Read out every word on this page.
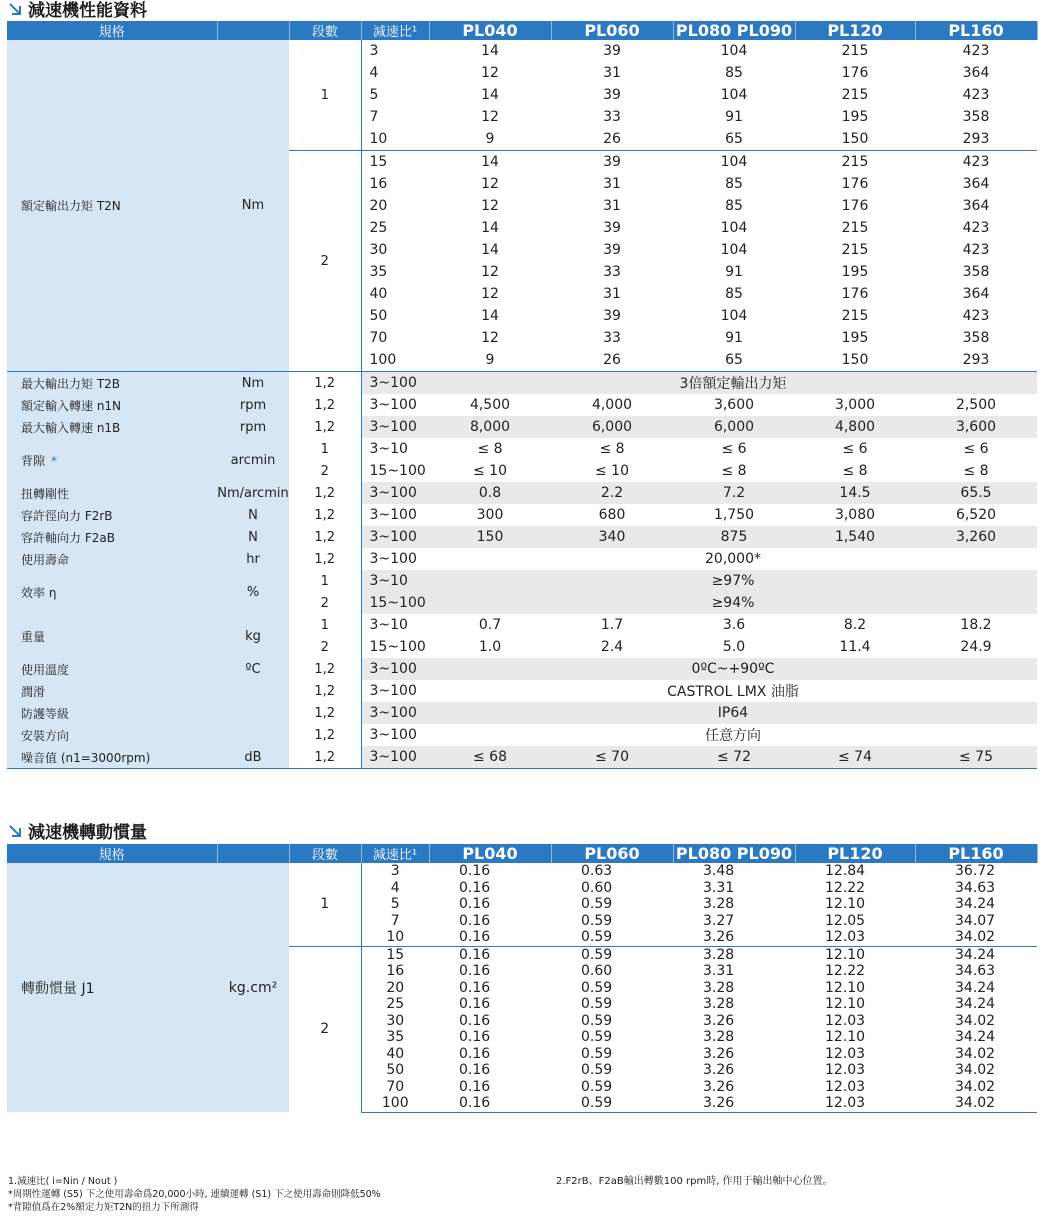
減速機性能資料
規格		段數	減速比¹	PL040	PL060	PL080 PL090	PL120	PL160
額定輸出力矩 T2N	Nm	1	3	14	39	104	215	423
			4	12	31	85	176	364
			5	14	39	104	215	423
			7	12	33	91	195	358
			10	9	26	65	150	293
		2	15	14	39	104	215	423
			16	12	31	85	176	364
			20	12	31	85	176	364
			25	14	39	104	215	423
			30	14	39	104	215	423
			35	12	33	91	195	358
			40	12	31	85	176	364
			50	14	39	104	215	423
			70	12	33	91	195	358
			100	9	26	65	150	293
最大輸出力矩 T2B	Nm	1,2	3~100	3倍額定輸出力矩				
額定輸入轉速 n1N	rpm	1,2	3~100	4,500	4,000	3,600	3,000	2,500
最大輸入轉速 n1B	rpm	1,2	3~100	8,000	6,000	6,000	4,800	3,600
背隙 *	arcmin	1	3~10	≤ 8	≤ 8	≤ 6	≤ 6	≤ 6
		2	15~100	≤ 10	≤ 10	≤ 8	≤ 8	≤ 8
扭轉剛性	Nm/arcmin	1,2	3~100	0.8	2.2	7.2	14.5	65.5
容許徑向力 F2rB	N	1,2	3~100	300	680	1,750	3,080	6,520
容許軸向力 F2aB	N	1,2	3~100	150	340	875	1,540	3,260
使用壽命	hr	1,2	3~100	20,000*				
效率 η	%	1	3~10	≥97%				
		2	15~100	≥94%				
重量	kg	1	3~10	0.7	1.7	3.6	8.2	18.2
		2	15~100	1.0	2.4	5.0	11.4	24.9
使用溫度	ºC	1,2	3~100	0ºC~+90ºC				
潤滑		1,2	3~100	CASTROL LMX 油脂				
防護等級		1,2	3~100	IP64				
安裝方向		1,2	3~100	任意方向				
噪音值 (n1=3000rpm)	dB	1,2	3~100	≤ 68	≤ 70	≤ 72	≤ 74	≤ 75
減速機轉動慣量
規格		段數	減速比¹	PL040	PL060	PL080 PL090	PL120	PL160
轉動慣量 J1	kg.cm²	1	3	0.16	0.63	3.48	12.84	36.72
			4	0.16	0.60	3.31	12.22	34.63
			5	0.16	0.59	3.28	12.10	34.24
			7	0.16	0.59	3.27	12.05	34.07
			10	0.16	0.59	3.26	12.03	34.02
		2	15	0.16	0.59	3.28	12.10	34.24
			16	0.16	0.60	3.31	12.22	34.63
			20	0.16	0.59	3.28	12.10	34.24
			25	0.16	0.59	3.28	12.10	34.24
			30	0.16	0.59	3.26	12.03	34.02
			35	0.16	0.59	3.28	12.10	34.24
			40	0.16	0.59	3.26	12.03	34.02
			50	0.16	0.59	3.26	12.03	34.02
			70	0.16	0.59	3.26	12.03	34.02
			100	0.16	0.59	3.26	12.03	34.02
1.減速比( i=Nin / Nout )
*周期性運轉 (S5) 下之使用壽命爲20,000小時, 連續運轉 (S1) 下之使用壽命則降低50%
*背隙值爲在2%額定力矩T2N的扭力下所測得
2.F2rB、F2aB輸出轉數100 rpm時, 作用于輸出軸中心位置。
